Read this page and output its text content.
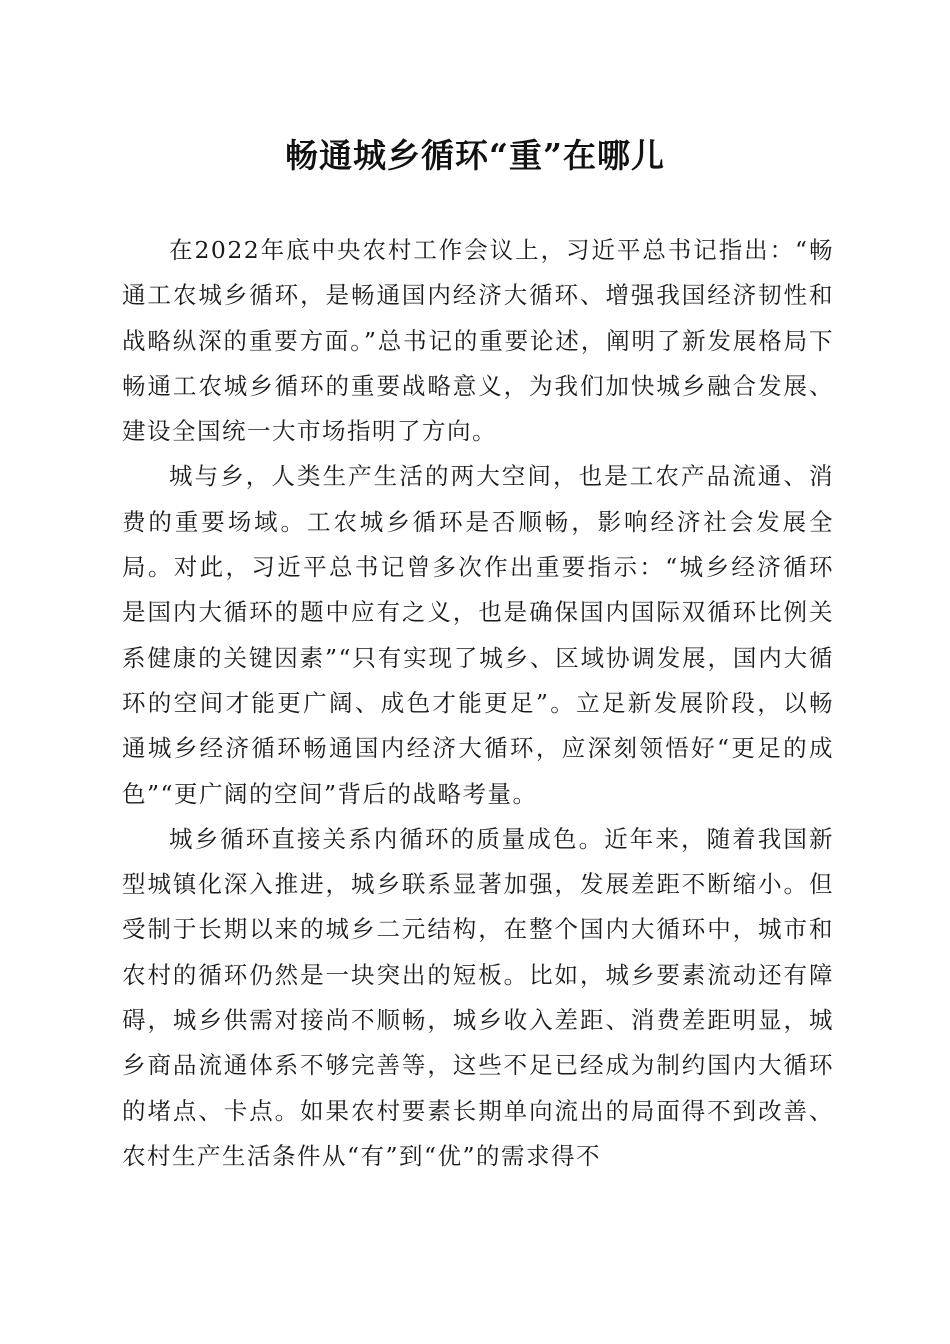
畅通城乡循环“重”在哪儿

在2022年底中央农村工作会议上，习近平总书记指出：“畅通工农城乡循环，是畅通国内经济大循环、增强我国经济韧性和战略纵深的重要方面。”总书记的重要论述，阐明了新发展格局下畅通工农城乡循环的重要战略意义，为我们加快城乡融合发展、建设全国统一大市场指明了方向。

城与乡，人类生产生活的两大空间，也是工农产品流通、消费的重要场域。工农城乡循环是否顺畅，影响经济社会发展全局。对此，习近平总书记曾多次作出重要指示：“城乡经济循环是国内大循环的题中应有之义，也是确保国内国际双循环比例关系健康的关键因素”“只有实现了城乡、区域协调发展，国内大循环的空间才能更广阔、成色才能更足”。立足新发展阶段，以畅通城乡经济循环畅通国内经济大循环，应深刻领悟好“更足的成色”“更广阔的空间”背后的战略考量。

城乡循环直接关系内循环的质量成色。近年来，随着我国新型城镇化深入推进，城乡联系显著加强，发展差距不断缩小。但受制于长期以来的城乡二元结构，在整个国内大循环中，城市和农村的循环仍然是一块突出的短板。比如，城乡要素流动还有障碍，城乡供需对接尚不顺畅，城乡收入差距、消费差距明显，城乡商品流通体系不够完善等，这些不足已经成为制约国内大循环的堵点、卡点。如果农村要素长期单向流出的局面得不到改善、农村生产生活条件从“有”到“优”的需求得不
